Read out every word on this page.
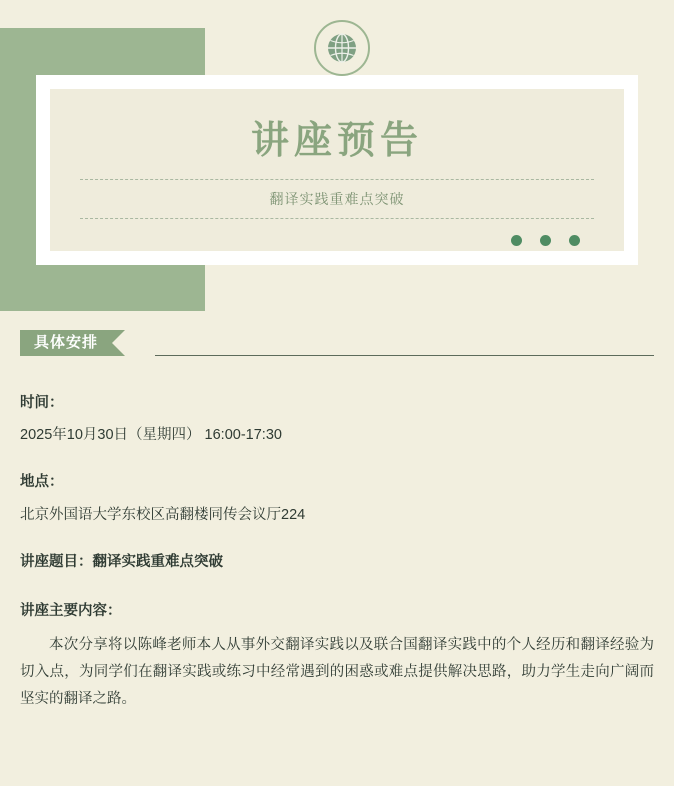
讲座预告
翻译实践重难点突破
具体安排
时间：
2025年10月30日（星期四） 16:00-17:30
地点：
北京外国语大学东校区高翻楼同传会议厅224
讲座题目：翻译实践重难点突破
讲座主要内容：
本次分享将以陈峰老师本人从事外交翻译实践以及联合国翻译实践中的个人经历和翻译经验为切入点，为同学们在翻译实践或练习中经常遇到的困惑或难点提供解决思路，助力学生走向广阔而坚实的翻译之路。
